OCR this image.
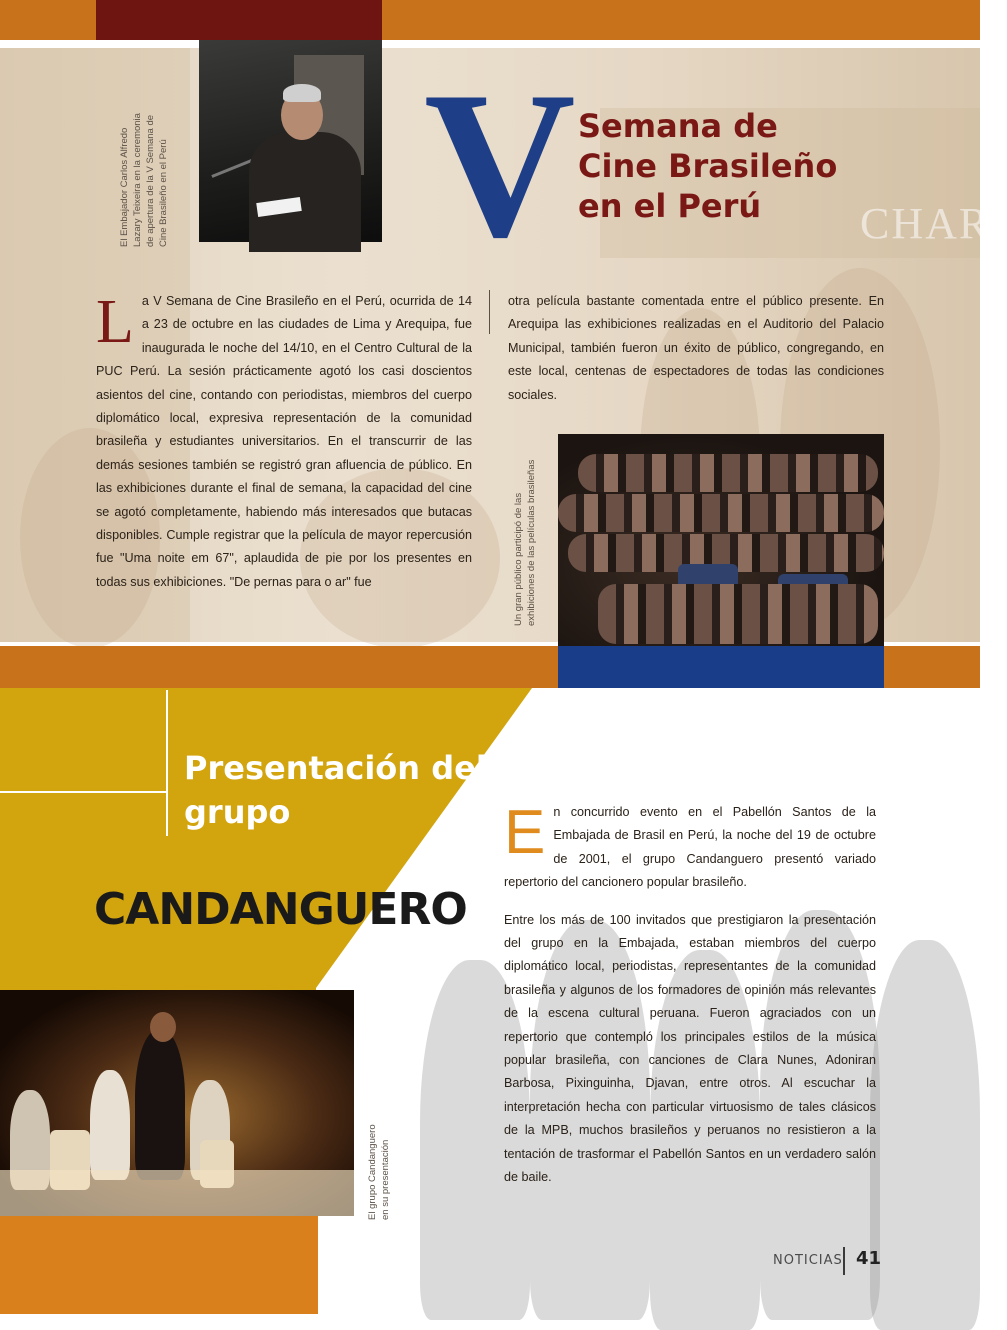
CHARI
El Embajador Carlos Alfredo Lazary Teixeira en la ceremonia de apertura de la V Semana de Cine Brasileño en el Perú V Semana de
Cine Brasileño
en el Perú
L a V Semana de Cine Brasileño en el Perú, ocurrida de 14 a 23 de octubre en las ciudades de Lima y Arequipa, fue inaugurada le noche del 14/10, en el Centro Cultural de la PUC Perú. La sesión prácticamente agotó los casi doscientos asientos del cine, contando con periodistas, miembros del cuerpo diplomático local, expresiva representación de la comunidad brasileña y estudiantes universitarios. En el transcurrir de las demás sesiones también se registró gran afluencia de público. En las exhibiciones durante el final de semana, la capacidad del cine se agotó completamente, habiendo más interesados que butacas disponibles. Cumple registrar que la película de mayor repercusión fue "Uma noite em 67", aplaudida de pie por los presentes en todas sus exhibiciones. "De pernas para o ar" fue
otra película bastante comentada entre el público presente. En Arequipa las exhibiciones realizadas en el Auditorio del Palacio Municipal, también fueron un éxito de público, congregando, en este local, centenas de espectadores de todas las condiciones sociales.
Un gran público participó de las exhibiciones de las películas brasileñas
Presentación del
grupo
CANDANGUERO
El grupo Candanguero en su presentación

E n concurrido evento en el Pabellón Santos de la Embajada de Brasil en Perú, la noche del 19 de octubre de 2001, el grupo Candanguero presentó variado repertorio del cancionero popular brasileño.

Entre los más de 100 invitados que prestigiaron la presentación del grupo en la Embajada, estaban miembros del cuerpo diplomático local, periodistas, representantes de la comunidad brasileña y algunos de los formadores de opinión más relevantes de la escena cultural peruana. Fueron agraciados con un repertorio que contempló los principales estilos de la música popular brasileña, con canciones de Clara Nunes, Adoniran Barbosa, Pixinguinha, Djavan, entre otros. Al escuchar la interpretación hecha con particular virtuosismo de tales clásicos de la MPB, muchos brasileños y peruanos no resistieron a la tentación de trasformar el Pabellón Santos en un verdadero salón de baile.

NOTICIAS 41
